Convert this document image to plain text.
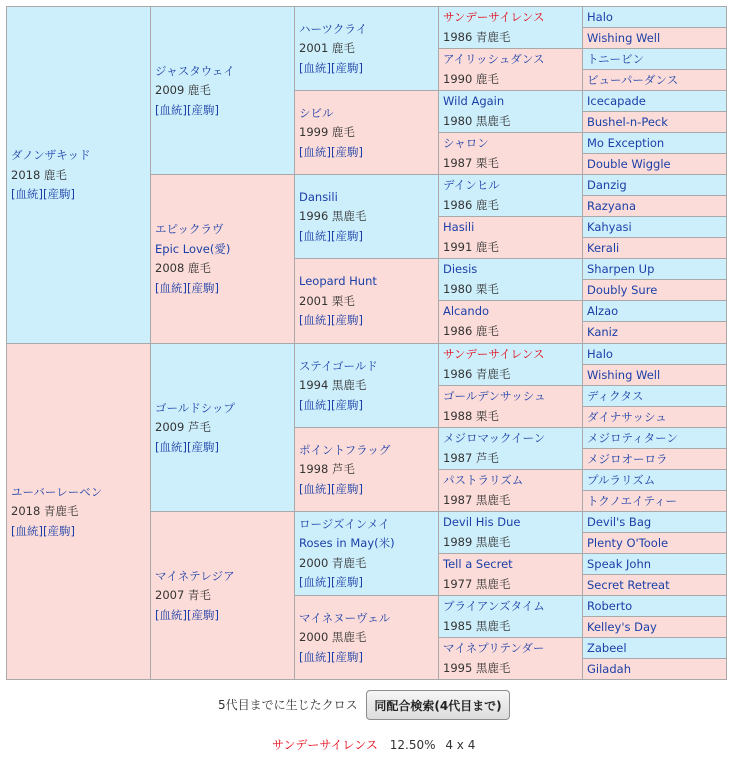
ダノンザキッド
2018 鹿毛
[血統][産駒]
ユーバーレーベン
2018 青鹿毛
[血統][産駒]
ジャスタウェイ
2009 鹿毛
[血統][産駒]
エピックラヴ
Epic Love(愛)
2008 鹿毛
[血統][産駒]
ゴールドシップ
2009 芦毛
[血統][産駒]
マイネテレジア
2007 青毛
[血統][産駒]
ハーツクライ
2001 鹿毛
[血統][産駒]
シビル
1999 鹿毛
[血統][産駒]
Dansili
1996 黒鹿毛
[血統][産駒]
Leopard Hunt
2001 栗毛
[血統][産駒]
ステイゴールド
1994 黒鹿毛
[血統][産駒]
ポイントフラッグ
1998 芦毛
[血統][産駒]
ロージズインメイ
Roses in May(米)
2000 青鹿毛
[血統][産駒]
マイネヌーヴェル
2000 黒鹿毛
[血統][産駒]
サンデーサイレンス
1986 青鹿毛
アイリッシュダンス
1990 鹿毛
Wild Again
1980 黒鹿毛
シャロン
1987 栗毛
デインヒル
1986 鹿毛
Hasili
1991 鹿毛
Diesis
1980 栗毛
Alcando
1986 鹿毛
サンデーサイレンス
1986 青鹿毛
ゴールデンサッシュ
1988 栗毛
メジロマックイーン
1987 芦毛
パストラリズム
1987 黒鹿毛
Devil His Due
1989 黒鹿毛
Tell a Secret
1977 黒鹿毛
ブライアンズタイム
1985 黒鹿毛
マイネプリテンダー
1995 黒鹿毛
Halo
Wishing Well
トニービン
ビューパーダンス
Icecapade
Bushel-n-Peck
Mo Exception
Double Wiggle
Danzig
Razyana
Kahyasi
Kerali
Sharpen Up
Doubly Sure
Alzao
Kaniz
Halo
Wishing Well
ディクタス
ダイナサッシュ
メジロティターン
メジロオーロラ
プルラリズム
トクノエイティー
Devil's Bag
Plenty O'Toole
Speak John
Secret Retreat
Roberto
Kelley's Day
Zabeel
Giladah
5代目までに生じたクロス	同配合検索(4代目まで)
サンデーサイレンス 12.50% 4 x 4
